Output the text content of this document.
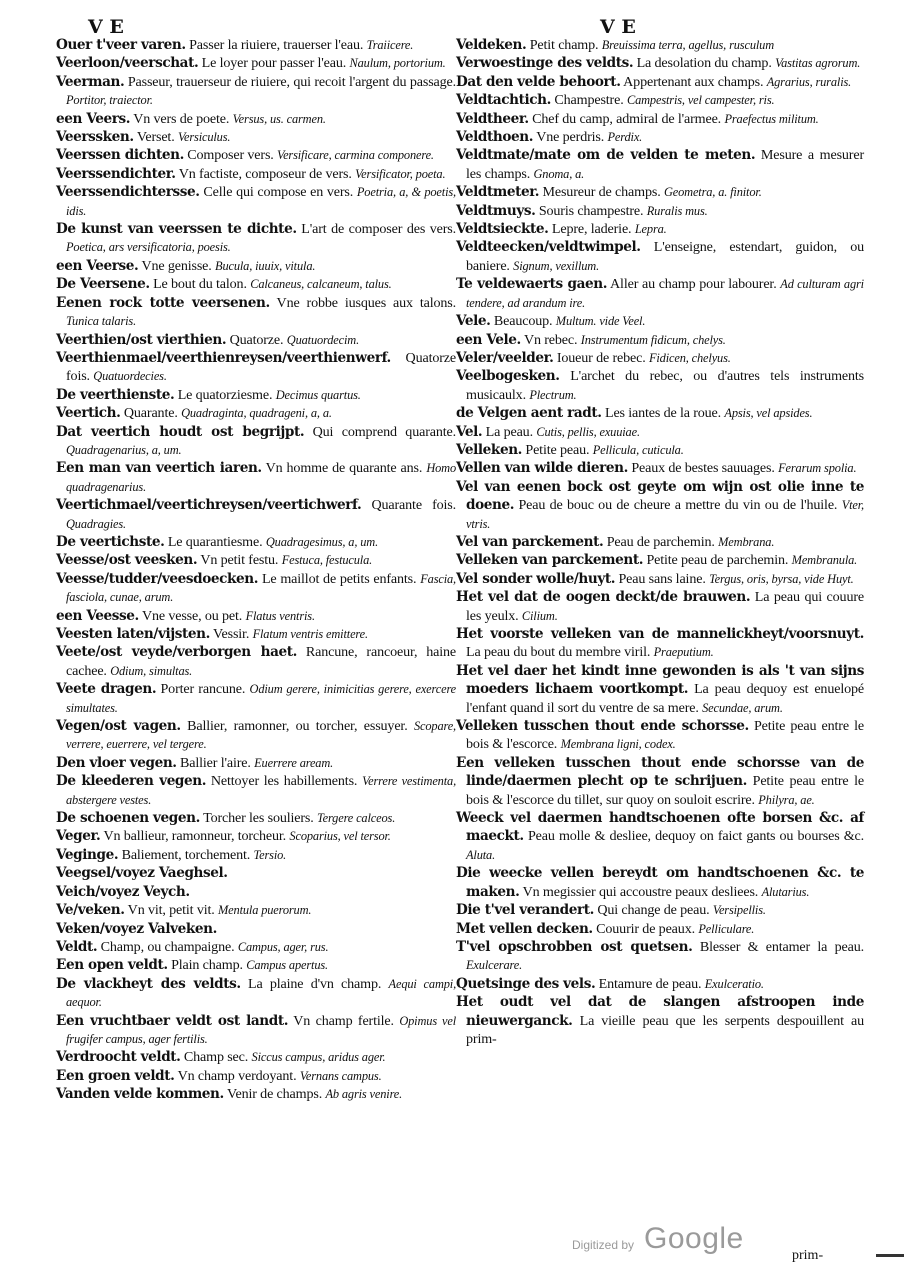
V E	V E

Ouer t'veer varen. Passer la riuiere, trauerser l'eau. Traiicere.

Veerloon/veerschat. Le loyer pour passer l'eau. Naulum, portorium.

Veerman. Passeur, trauerseur de riuiere, qui recoit l'argent du passage. Portitor, traiector.

een Veers. Vn vers de poete. Versus, us. carmen.

Veerssken. Verset. Versiculus.

Veerssen dichten. Composer vers. Versificare, carmina componere.

Veerssendichter. Vn factiste, composeur de vers. Versificator, poeta.

Veerssendichtersse. Celle qui compose en vers. Poetria, a, & poetis, idis.

De kunst van veerssen te dichte. L'art de composer des vers. Poetica, ars versificatoria, poesis.

een Veerse. Vne genisse. Bucula, iuuix, vitula.

De Veersene. Le bout du talon. Calcaneus, calcaneum, talus.

Eenen rock totte veersenen. Vne robbe iusques aux talons. Tunica talaris.

Veerthien/ost vierthien. Quatorze. Quatuordecim.

Veerthienmael/veerthienreysen/veerthienwerf. Quatorze fois. Quatuordecies.

De veerthienste. Le quatorziesme. Decimus quartus.

Veertich. Quarante. Quadraginta, quadrageni, a, a.

Dat veertich houdt ost begrijpt. Qui comprend quarante. Quadragenarius, a, um.

Een man van veertich iaren. Vn homme de quarante ans. Homo quadragenarius.

Veertichmael/veertichreysen/veertichwerf. Quarante fois. Quadragies.

De veertichste. Le quarantiesme. Quadragesimus, a, um.

Veesse/ost veesken. Vn petit festu. Festuca, festucula.

Veesse/tudder/veesdoecken. Le maillot de petits enfants. Fascia, fasciola, cunae, arum.

een Veesse. Vne vesse, ou pet. Flatus ventris.

Veesten laten/vijsten. Vessir. Flatum ventris emittere.

Veete/ost veyde/verborgen haet. Rancune, rancoeur, haine cachee. Odium, simultas.

Veete dragen. Porter rancune. Odium gerere, inimicitias gerere, exercere simultates.

Vegen/ost vagen. Ballier, ramonner, ou torcher, essuyer. Scopare, verrere, euerrere, vel tergere.

Den vloer vegen. Ballier l'aire. Euerrere aream.

De kleederen vegen. Nettoyer les habillements. Verrere vestimenta, abstergere vestes.

De schoenen vegen. Torcher les souliers. Tergere calceos.

Veger. Vn ballieur, ramonneur, torcheur. Scoparius, vel tersor.

Veginge. Baliement, torchement. Tersio.

Veegsel/voyez Vaeghsel.

Veich/voyez Veych.

Ve/veken. Vn vit, petit vit. Mentula puerorum.

Veken/voyez Valveken.

Veldt. Champ, ou champaigne. Campus, ager, rus.

Een open veldt. Plain champ. Campus apertus.

De vlackheyt des veldts. La plaine d'vn champ. Aequi campi, aequor.

Een vruchtbaer veldt ost landt. Vn champ fertile. Opimus vel frugifer campus, ager fertilis.

Verdroocht veldt. Champ sec. Siccus campus, aridus ager.

Een groen veldt. Vn champ verdoyant. Vernans campus.

Vanden velde kommen. Venir de champs. Ab agris venire.

Veldeken. Petit champ. Breuissima terra, agellus, rusculum

Verwoestinge des veldts. La desolation du champ. Vastitas agrorum.

Dat den velde behoort. Appertenant aux champs. Agrarius, ruralis.

Veldtachtich. Champestre. Campestris, vel campester, ris.

Veldtheer. Chef du camp, admiral de l'armee. Praefectus militum.

Veldthoen. Vne perdris. Perdix.

Veldtmate/mate om de velden te meten. Mesure a mesurer les champs. Gnoma, a.

Veldtmeter. Mesureur de champs. Geometra, a. finitor.

Veldtmuys. Souris champestre. Ruralis mus.

Veldtsieckte. Lepre, laderie. Lepra.

Veldteecken/veldtwimpel. L'enseigne, estendart, guidon, ou baniere. Signum, vexillum.

Te veldewaerts gaen. Aller au champ pour labourer. Ad culturam agri tendere, ad arandum ire.

Vele. Beaucoup. Multum. vide Veel.

een Vele. Vn rebec. Instrumentum fidicum, chelys.

Veler/veelder. Ioueur de rebec. Fidicen, chelyus.

Veelbogesken. L'archet du rebec, ou d'autres tels instruments musicaulx. Plectrum.

de Velgen aent radt. Les iantes de la roue. Apsis, vel apsides.

Vel. La peau. Cutis, pellis, exuuiae.

Velleken. Petite peau. Pellicula, cuticula.

Vellen van wilde dieren. Peaux de bestes sauuages. Ferarum spolia.

Vel van eenen bock ost geyte om wijn ost olie inne te doene. Peau de bouc ou de cheure a mettre du vin ou de l'huile. Vter, vtris.

Vel van parckement. Peau de parchemin. Membrana.

Velleken van parckement. Petite peau de parchemin. Membranula.

Vel sonder wolle/huyt. Peau sans laine. Tergus, oris, byrsa, vide Huyt.

Het vel dat de oogen deckt/de brauwen. La peau qui couure les yeulx. Cilium.

Het voorste velleken van de mannelickheyt/voorsnuyt. La peau du bout du membre viril. Praeputium.

Het vel daer het kindt inne gewonden is als 't van sijns moeders lichaem voortkompt. La peau dequoy est enuelopé l'enfant quand il sort du ventre de sa mere. Secundae, arum.

Velleken tusschen thout ende schorsse. Petite peau entre le bois & l'escorce. Membrana ligni, codex.

Een velleken tusschen thout ende schorsse van de linde/daermen plecht op te schrijuen. Petite peau entre le bois & l'escorce du tillet, sur quoy on souloit escrire. Philyra, ae.

Weeck vel daermen handtschoenen ofte borsen &c. af maeckt. Peau molle & desliee, dequoy on faict gants ou bourses &c. Aluta.

Die weecke vellen bereydt om handtschoenen &c. te maken. Vn megissier qui accoustre peaux desliees. Alutarius.

Die t'vel verandert. Qui change de peau. Versipellis.

Met vellen decken. Couurir de peaux. Pelliculare.

T'vel opschrobben ost quetsen. Blesser & entamer la peau. Exulcerare.

Quetsinge des vels. Entamure de peau. Exulceratio.

Het oudt vel dat de slangen afstroopen inde nieuwerganck. La vieille peau que les serpents despouillent au prim-

Digitized by Google
prim-
